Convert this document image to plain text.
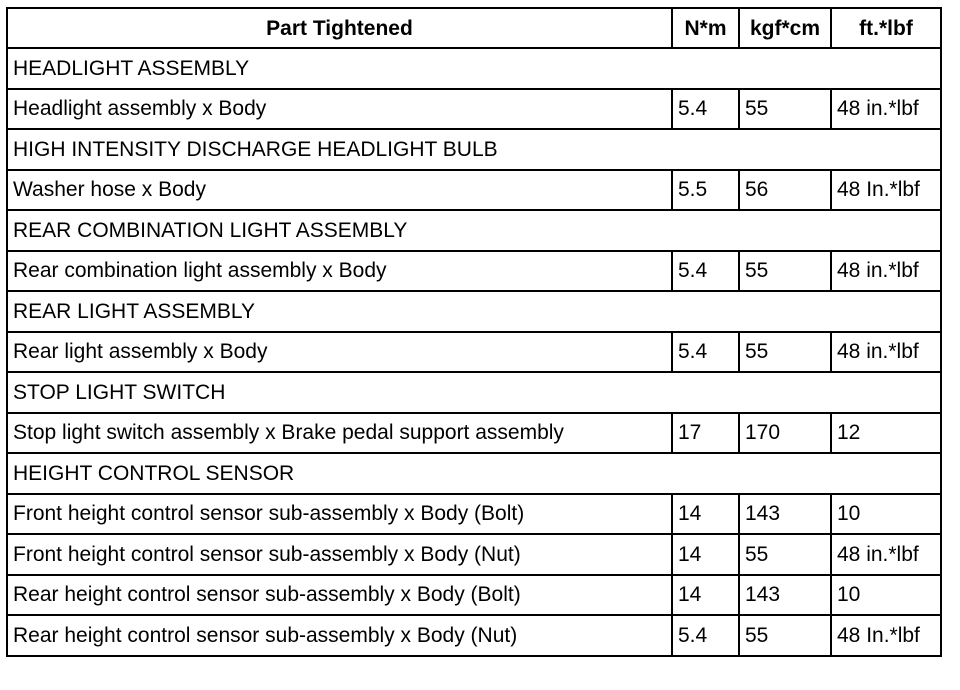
Part Tightened	N*m	kgf*cm	ft.*lbf
HEADLIGHT ASSEMBLY			
Headlight assembly x Body	5.4	55	48 in.*lbf
HIGH INTENSITY DISCHARGE HEADLIGHT BULB			
Washer hose x Body	5.5	56	48 In.*lbf
REAR COMBINATION LIGHT ASSEMBLY			
Rear combination light assembly x Body	5.4	55	48 in.*lbf
REAR LIGHT ASSEMBLY			
Rear light assembly x Body	5.4	55	48 in.*lbf
STOP LIGHT SWITCH			
Stop light switch assembly x Brake pedal support assembly	17	170	12
HEIGHT CONTROL SENSOR			
Front height control sensor sub-assembly x Body (Bolt)	14	143	10
Front height control sensor sub-assembly x Body (Nut)	14	55	48 in.*lbf
Rear height control sensor sub-assembly x Body (Bolt)	14	143	10
Rear height control sensor sub-assembly x Body (Nut)	5.4	55	48 In.*lbf
